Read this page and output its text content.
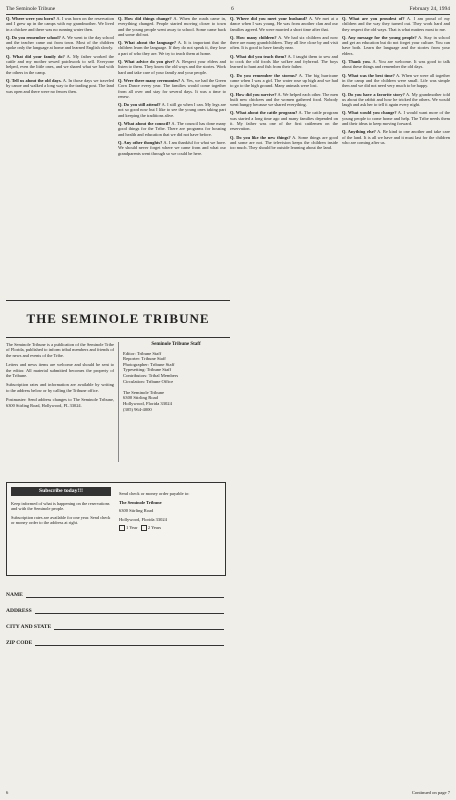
The Seminole Tribune	6	February 24, 1994

Q. Where were you born? A. I was born on the reservation and I grew up in the camps with my grandmother. We lived in a chickee and there was no running water then.

Q. Do you remember school? A. We went to the day school and the teacher came out from town. Most of the children spoke only the language at home and learned English slowly.

Q. What did your family do? A. My father worked the cattle and my mother sewed patchwork to sell. Everyone helped, even the little ones, and we shared what we had with the others in the camp.

Q. Tell us about the old days. A. In those days we traveled by canoe and walked a long way to the trading post. The land was open and there were no fences then.

Q. How did things change? A. When the roads came in, everything changed. People started moving closer to town and the young people went away to school. Some came back and some did not.

Q. What about the language? A. It is important that the children learn the language. If they do not speak it, they lose a part of who they are. We try to teach them at home.

Q. What advice do you give? A. Respect your elders and listen to them. They know the old ways and the stories. Work hard and take care of your family and your people.

Q. Were there many ceremonies? A. Yes, we had the Green Corn Dance every year. The families would come together from all over and stay for several days. It was a time to renew.

Q. Do you still attend? A. I still go when I can. My legs are not so good now but I like to see the young ones taking part and keeping the traditions alive.

Q. What about the council? A. The council has done many good things for the Tribe. There are programs for housing and health and education that we did not have before.

Q. Any other thoughts? A. I am thankful for what we have. We should never forget where we came from and what our grandparents went through so we could be here.

Q. Where did you meet your husband? A. We met at a dance when I was young. He was from another clan and our families agreed. We were married a short time after that.

Q. How many children? A. We had six children and now there are many grandchildren. They all live close by and visit often. It is good to have family near.

Q. What did you teach them? A. I taught them to sew and to cook the old foods like sofkee and frybread. The boys learned to hunt and fish from their father.

Q. Do you remember the storms? A. The big hurricane came when I was a girl. The water rose up high and we had to go to the high ground. Many animals were lost.

Q. How did you survive? A. We helped each other. The men built new chickees and the women gathered food. Nobody went hungry because we shared everything.

Q. What about the cattle program? A. The cattle program was started a long time ago and many families depended on it. My father was one of the first cattlemen on the reservation.

Q. Do you like the new things? A. Some things are good and some are not. The television keeps the children inside too much. They should be outside learning about the land.

Q. What are you proudest of? A. I am proud of my children and the way they turned out. They work hard and they respect the old ways. That is what matters most to me.

Q. Any message for the young people? A. Stay in school and get an education but do not forget your culture. You can have both. Learn the language and the stories from your elders.

Q. Thank you. A. You are welcome. It was good to talk about these things and remember the old days.

Q. What was the best time? A. When we were all together in the camp and the children were small. Life was simple then and we did not need very much to be happy.

Q. Do you have a favorite story? A. My grandmother told us about the rabbit and how he tricked the others. We would laugh and ask her to tell it again every night.

Q. What would you change? A. I would want more of the young people to come home and help. The Tribe needs them and their ideas to keep moving forward.

Q. Anything else? A. Be kind to one another and take care of the land. It is all we have and it must last for the children who are coming after us.

THE SEMINOLE TRIBUNE

The Seminole Tribune is a publication of the Seminole Tribe of Florida, published to inform tribal members and friends of the news and events of the Tribe.

Letters and news items are welcome and should be sent to the editor. All material submitted becomes the property of the Tribune.

Subscription rates and information are available by writing to the address below or by calling the Tribune office.

Postmaster: Send address changes to The Seminole Tribune, 6300 Stirling Road, Hollywood, FL 33024.

Seminole Tribune Staff
Editor: Tribune Staff
Reporter: Tribune Staff
Photographer: Tribune Staff
Typesetting: Tribune Staff
Contributors: Tribal Members
Circulation: Tribune Office

The Seminole Tribune
6300 Stirling Road
Hollywood, Florida 33024
(305) 964-4000
Subscribe today!!!

Keep informed of what is happening on the reservations and with the Seminole people.

Subscription rates are available for one year. Send check or money order to the address at right.

Send check or money order payable to:

The Seminole Tribune

6300 Stirling Road

Hollywood, Florida 33024

1 Year 2 Years

NAME
ADDRESS
CITY AND STATE
ZIP CODE
6	Continued on page 7
